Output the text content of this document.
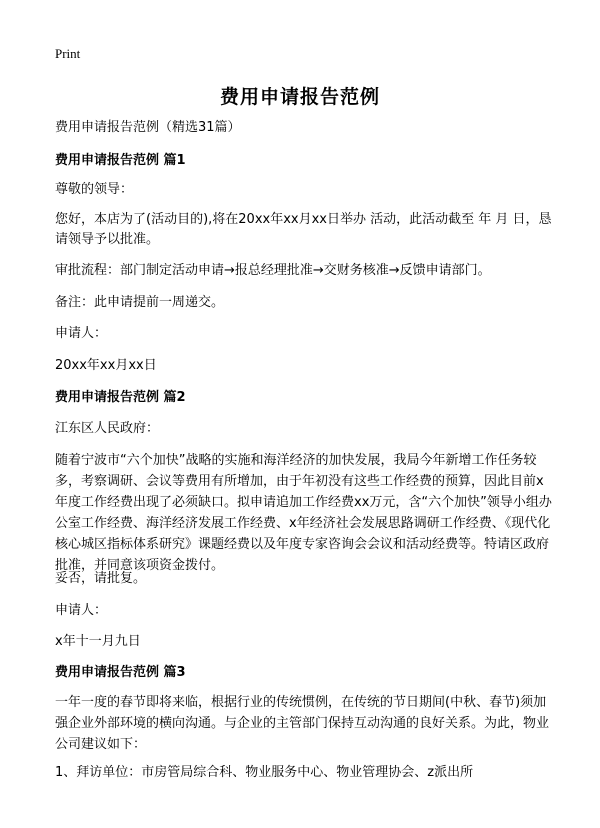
Print
费用申请报告范例

费用申请报告范例（精选31篇）

费用申请报告范例 篇1

尊敬的领导：

您好，本店为了(活动目的),将在20xx年xx月xx日举办 活动，此活动截至 年 月 日，恳请领导予以批准。

审批流程：部门制定活动申请→报总经理批准→交财务核准→反馈申请部门。

备注：此申请提前一周递交。

申请人：

20xx年xx月xx日

费用申请报告范例 篇2

江东区人民政府：

随着宁波市“六个加快”战略的实施和海洋经济的加快发展，我局今年新增工作任务较多，考察调研、会议等费用有所增加，由于年初没有这些工作经费的预算，因此目前x年度工作经费出现了必须缺口。拟申请追加工作经费xx万元，含“六个加快”领导小组办公室工作经费、海洋经济发展工作经费、x年经济社会发展思路调研工作经费、《现代化核心城区指标体系研究》课题经费以及年度专家咨询会会议和活动经费等。特请区政府批准，并同意该项资金拨付。

妥否，请批复。

申请人：

x年十一月九日

费用申请报告范例 篇3

一年一度的春节即将来临，根据行业的传统惯例，在传统的节日期间(中秋、春节)须加强企业外部环境的横向沟通。与企业的主管部门保持互动沟通的良好关系。为此，物业公司建议如下：

1、拜访单位：市房管局综合科、物业服务中心、物业管理协会、z派出所
